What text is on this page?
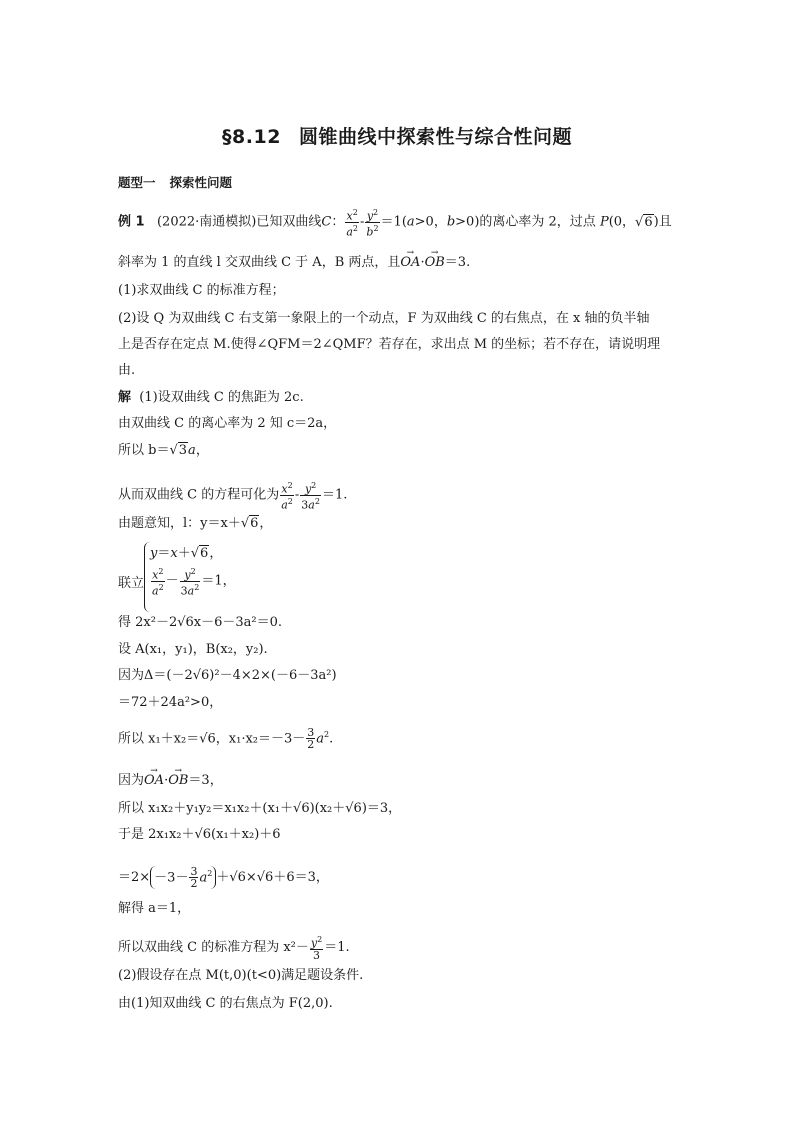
§8.12 圆锥曲线中探索性与综合性问题
题型一 探索性问题
例 1 (2022·南通模拟)已知双曲线C： $\frac{x^2}{a^2} - \frac{y^2}{b^2} =1(a>0$，b>0)的离心率为 2，过点 P(0，√6)且
斜率为 1 的直线 l 交双曲线 C 于 A，B 两点，且OA →·OB →＝3.
(1)求双曲线 C 的标准方程；
(2)设 Q 为双曲线 C 右支第一象限上的一个动点，F 为双曲线 C 的右焦点，在 x 轴的负半轴
上是否存在定点 M.使得∠QFM＝2∠QMF？若存在，求出点 M 的坐标；若不存在，请说明理
由.
解 (1)设双曲线 C 的焦距为 2c.
由双曲线 C 的离心率为 2 知 c＝2a，
所以 b＝√3a，
从而双曲线 C 的方程可化为 $\frac{x^2}{a^2} - \frac{y^2}{3a^2} =1$.
由题意知，l：y＝x＋√6，
联立
y＝x＋√6，
$\frac{x^2}{a^2} - \frac{y^2}{3a^2} =1$，
得 2x²－2√6x－6－3a²＝0.
设 A(x₁，y₁)，B(x₂，y₂).
因为Δ＝(－2√6)²－4×2×(－6－3a²)
＝72＋24a²>0，
所以 x₁＋x₂＝√6，$x_1\cdot x_2=-3- \frac{3}{2} a^2$.
因为OA →·OB →＝3，
所以 x₁x₂＋y₁y₂＝x₁x₂＋(x₁＋√6)(x₂＋√6)＝3，
于是 2x₁x₂＋√6(x₁＋x₂)＋6
$=2\times -3- \frac{3}{2} a^2 +√6\times√6+6=3$，
解得 a＝1，
所以双曲线 C 的标准方程为 $x^2- \frac{y^2}{3} =1$.
(2)假设存在点 M(t,0)(t<0)满足题设条件.
由(1)知双曲线 C 的右焦点为 F(2,0).
